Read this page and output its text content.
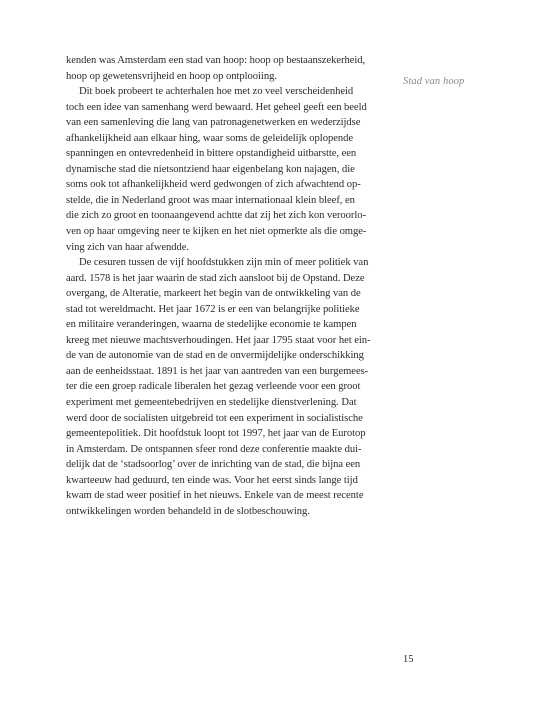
kenden was Amsterdam een stad van hoop: hoop op bestaanszekerheid,
hoop op gewetensvrijheid en hoop op ontplooiing.
Dit boek probeert te achterhalen hoe met zo veel verscheidenheid
toch een idee van samenhang werd bewaard. Het geheel geeft een beeld
van een samenleving die lang van patronagenetwerken en wederzijdse
afhankelijkheid aan elkaar hing, waar soms de geleidelijk oplopende
spanningen en ontevredenheid in bittere opstandigheid uitbarstte, een
dynamische stad die nietsontziend haar eigenbelang kon najagen, die
soms ook tot afhankelijkheid werd gedwongen of zich afwachtend op-
stelde, die in Nederland groot was maar internationaal klein bleef, en
die zich zo groot en toonaangevend achtte dat zij het zich kon veroorlo-
ven op haar omgeving neer te kijken en het niet opmerkte als die omge-
ving zich van haar afwendde.
De cesuren tussen de vijf hoofdstukken zijn min of meer politiek van
aard. 1578 is het jaar waarin de stad zich aansloot bij de Opstand. Deze
overgang, de Alteratie, markeert het begin van de ontwikkeling van de
stad tot wereldmacht. Het jaar 1672 is er een van belangrijke politieke
en militaire veranderingen, waarna de stedelijke economie te kampen
kreeg met nieuwe machtsverhoudingen. Het jaar 1795 staat voor het ein-
de van de autonomie van de stad en de onvermijdelijke onderschikking
aan de eenheidsstaat. 1891 is het jaar van aantreden van een burgemees-
ter die een groep radicale liberalen het gezag verleende voor een groot
experiment met gemeentebedrijven en stedelijke dienstverlening. Dat
werd door de socialisten uitgebreid tot een experiment in socialistische
gemeentepolitiek. Dit hoofdstuk loopt tot 1997, het jaar van de Eurotop
in Amsterdam. De ontspannen sfeer rond deze conferentie maakte dui-
delijk dat de ‘stadsoorlog’ over de inrichting van de stad, die bijna een
kwarteeuw had geduurd, ten einde was. Voor het eerst sinds lange tijd
kwam de stad weer positief in het nieuws. Enkele van de meest recente
ontwikkelingen worden behandeld in de slotbeschouwing.
Stad van hoop
15
